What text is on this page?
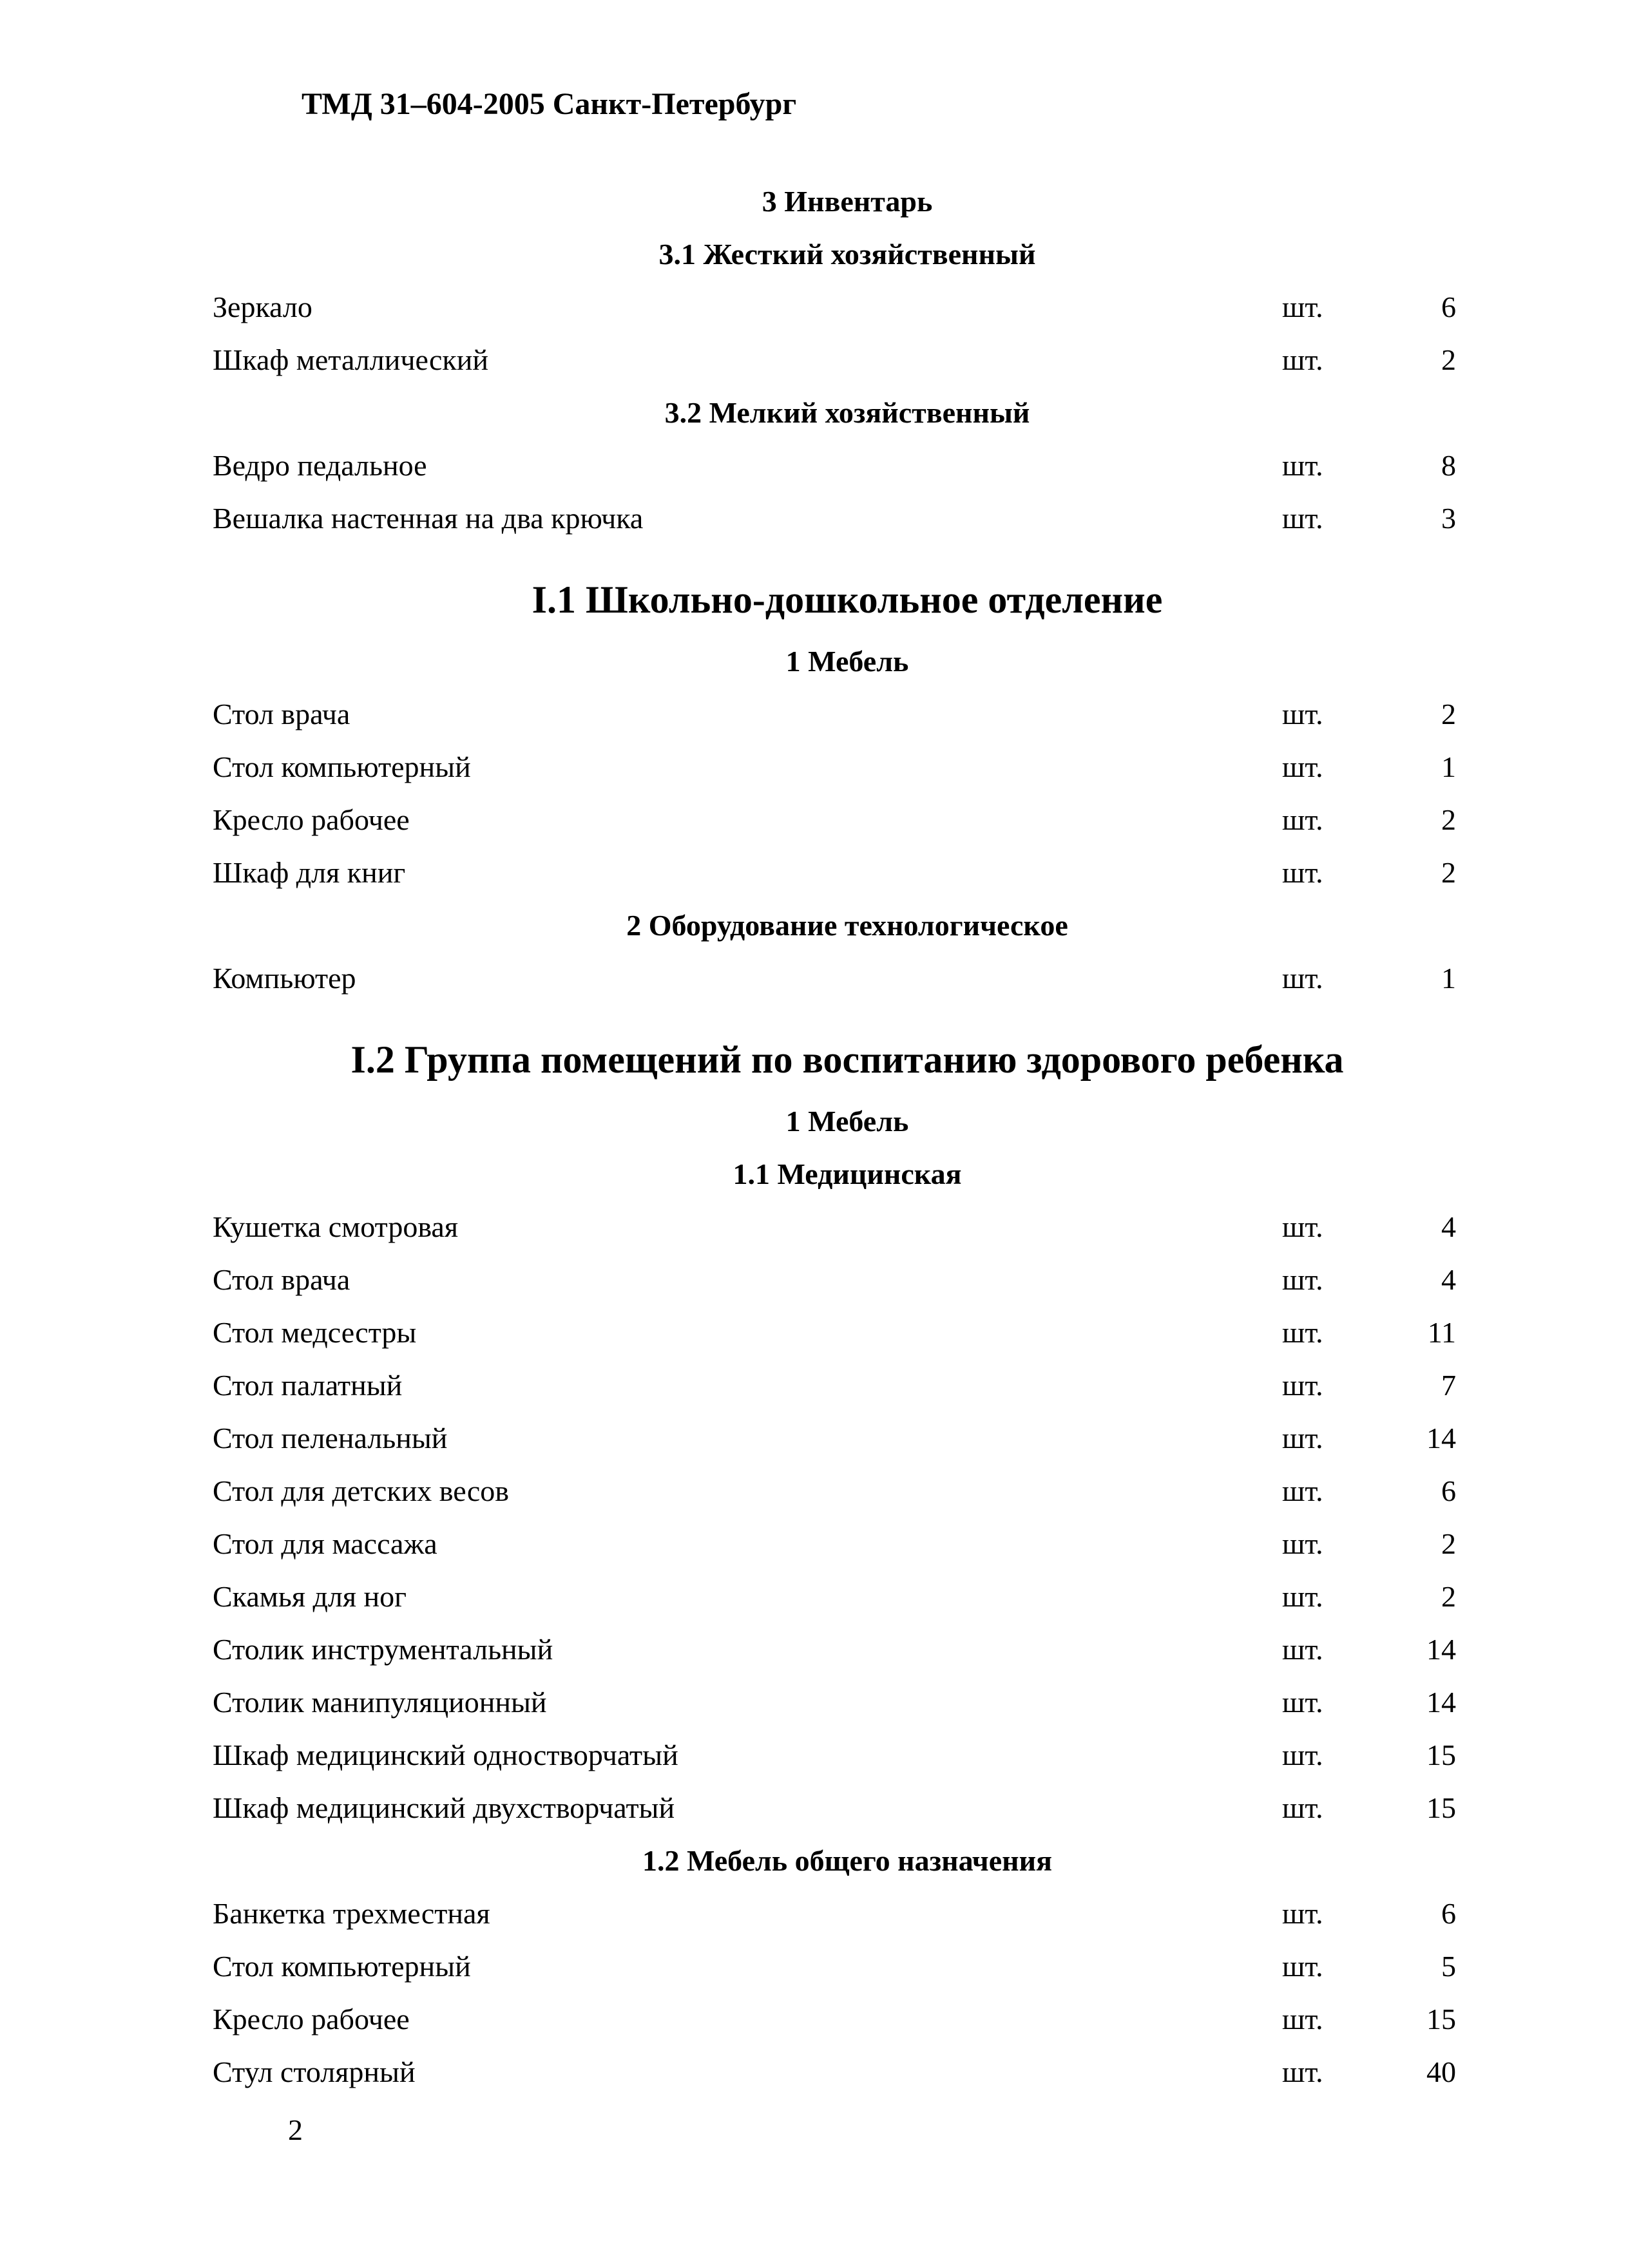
ТМД 31–604-2005 Санкт-Петербург
3 Инвентарь
3.1 Жесткий хозяйственный
Зеркало	шт.	6
Шкаф металлический	шт.	2
3.2 Мелкий хозяйственный
Ведро педальное	шт.	8
Вешалка настенная на два крючка	шт.	3
I.1 Школьно-дошкольное отделение
1 Мебель
Стол врача	шт.	2
Стол компьютерный	шт.	1
Кресло рабочее	шт.	2
Шкаф для книг	шт.	2
2 Оборудование технологическое
Компьютер	шт.	1
I.2 Группа помещений по воспитанию здорового ребенка
1 Мебель
1.1 Медицинская
Кушетка смотровая	шт.	4
Стол врача	шт.	4
Стол медсестры	шт.	11
Стол палатный	шт.	7
Стол пеленальный	шт.	14
Стол для детских весов	шт.	6
Стол для массажа	шт.	2
Скамья для ног	шт.	2
Столик инструментальный	шт.	14
Столик манипуляционный	шт.	14
Шкаф медицинский одностворчатый	шт.	15
Шкаф медицинский двухстворчатый	шт.	15
1.2 Мебель общего назначения
Банкетка трехместная	шт.	6
Стол компьютерный	шт.	5
Кресло рабочее	шт.	15
Стул столярный	шт.	40
2
